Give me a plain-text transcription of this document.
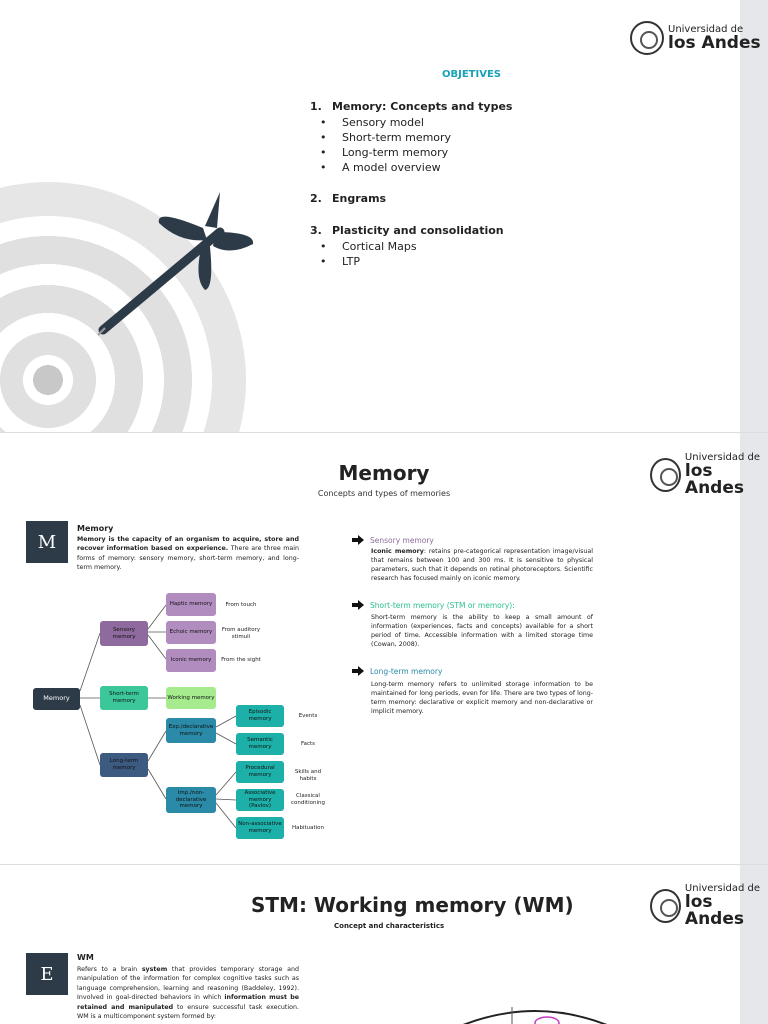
Universidad de
los Andes
OBJETIVES
1. Memory: Concepts and types
•	Sensory model
•	Short-term memory
•	Long-term memory
•	A model overview
2. Engrams
3. Plasticity and consolidation
•	Cortical Maps
•	LTP
Universidad de
los Andes
Memory
Concepts and types of memories
M
Memory
Memory is the capacity of an organism to acquire, store and recover information based on experience. There are three main forms of memory: sensory memory, short-term memory, and long-term memory.
Memory
Sensory memory
Short-term memory
Long-term memory
Haptic memory
Echoic memory
Iconic memory
Working memory
Exp./declarative memory
Imp./non-declarative memory
Episodic memory
Semantic memory
Procedural memory
Associative memory (Pavlov)
Non-associative memory
From touch
From auditory stimuli
From the sight
Events
Facts
Skills and habits
Classical conditioning
Habituation
Sensory memory
Iconic memory: retains pre-categorical representation image/visual that remains between 100 and 300 ms. It is sensitive to physical parameters, such that it depends on retinal photoreceptors. Scientific research has focused mainly on iconic memory.
Short-term memory (STM or memory):
Short-term memory is the ability to keep a small amount of information (experiences, facts and concepts) available for a short period of time. Accessible information with a limited storage time (Cowan, 2008).
Long-term memory
Long-term memory refers to unlimited storage information to be maintained for long periods, even for life. There are two types of long-term memory: declarative or explicit memory and non-declarative or implicit memory.
Universidad de
los Andes
STM: Working memory (WM)
Concept and characteristics
E
WM
Refers to a brain system that provides temporary storage and manipulation of the information for complex cognitive tasks such as language comprehension, learning and reasoning (Baddeley, 1992). Involved in goal-directed behaviors in which information must be retained and manipulated to ensure successful task execution. WM is a multicomponent system formed by:
